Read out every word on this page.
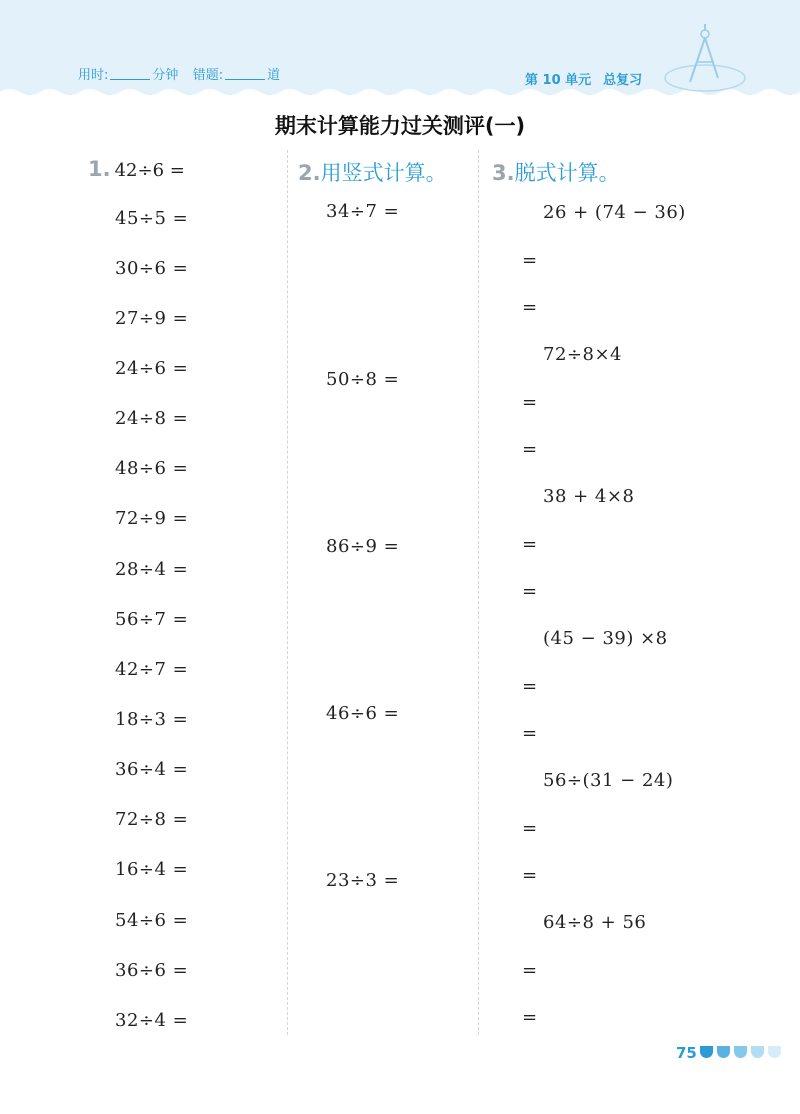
用时:	分钟 错题:	道	第 10 单元 总复习
期末计算能力过关测评(一)
1. 42÷6 =	2.用竖式计算。 3.脱式计算。
45÷5 =
30÷6 =
27÷9 =
24÷6 =
24÷8 =
48÷6 =
72÷9 =
28÷4 =
56÷7 =
42÷7 =
18÷3 =
36÷4 =
72÷8 =
16÷4 =
54÷6 =
36÷6 =
32÷4 =
34÷7 =
50÷8 =
86÷9 =
46÷6 =
23÷3 =
26 + (74 − 36)
=
=
72÷8×4
=
=
38 + 4×8
=
=
(45 − 39) ×8
=
=
56÷(31 − 24)
=
=
64÷8 + 56
=
=
75
